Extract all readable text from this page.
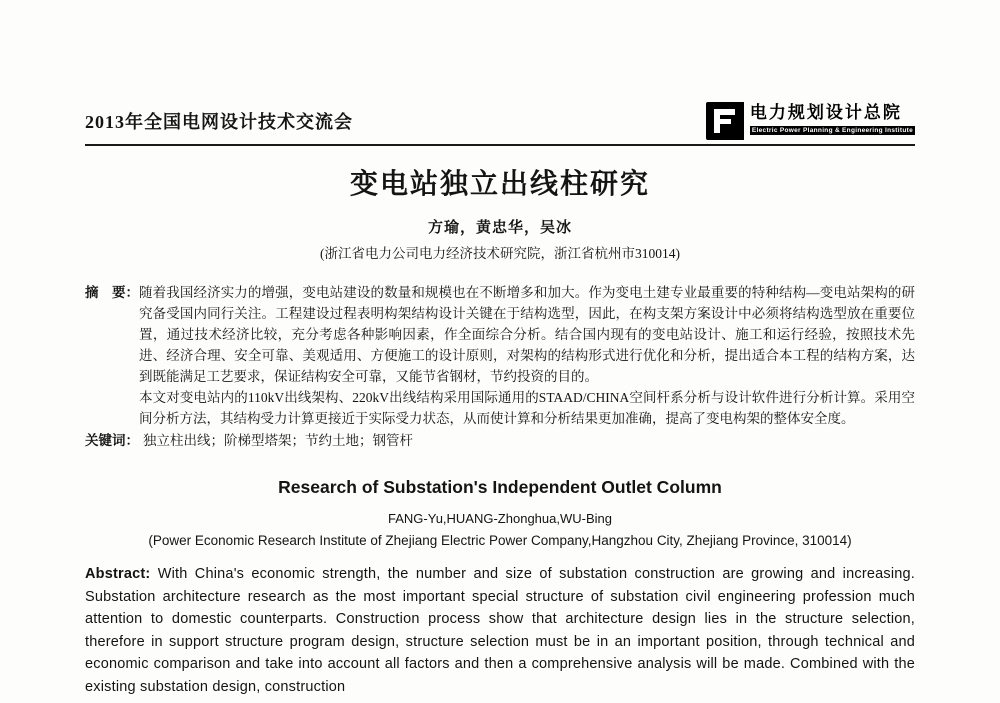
2013年全国电网设计技术交流会	电力规划设计总院
Electric Power Planning & Engineering Institute
变电站独立出线柱研究
方瑜，黄忠华，吴冰
(浙江省电力公司电力经济技术研究院，浙江省杭州市310014)
摘　要： 随着我国经济实力的增强，变电站建设的数量和规模也在不断增多和加大。作为变电土建专业最重要的特种结构—变电站架构的研究备受国内同行关注。工程建设过程表明构架结构设计关键在于结构选型，因此，在构支架方案设计中必须将结构选型放在重要位置，通过技术经济比较，充分考虑各种影响因素，作全面综合分析。结合国内现有的变电站设计、施工和运行经验，按照技术先进、经济合理、安全可靠、美观适用、方便施工的设计原则，对架构的结构形式进行优化和分析，提出适合本工程的结构方案，达到既能满足工艺要求，保证结构安全可靠，又能节省钢材，节约投资的目的。

本文对变电站内的110kV出线架构、220kV出线结构采用国际通用的STAAD/CHINA空间杆系分析与设计软件进行分析计算。采用空间分析方法，其结构受力计算更接近于实际受力状态，从而使计算和分析结果更加准确，提高了变电构架的整体安全度。

关键词： 独立柱出线；阶梯型塔架；节约土地；钢管杆
Research of Substation's Independent Outlet Column
FANG-Yu,HUANG-Zhonghua,WU-Bing
(Power Economic Research Institute of Zhejiang Electric Power Company,Hangzhou City, Zhejiang Province, 310014)
Abstract: With China's economic strength, the number and size of substation construction are growing and increasing. Substation architecture research as the most important special structure of substation civil engineering profession much attention to domestic counterparts. Construction process show that architecture design lies in the structure selection, therefore in support structure program design, structure selection must be in an important position, through technical and economic comparison and take into account all factors and then a comprehensive analysis will be made. Combined with the existing substation design, construction
